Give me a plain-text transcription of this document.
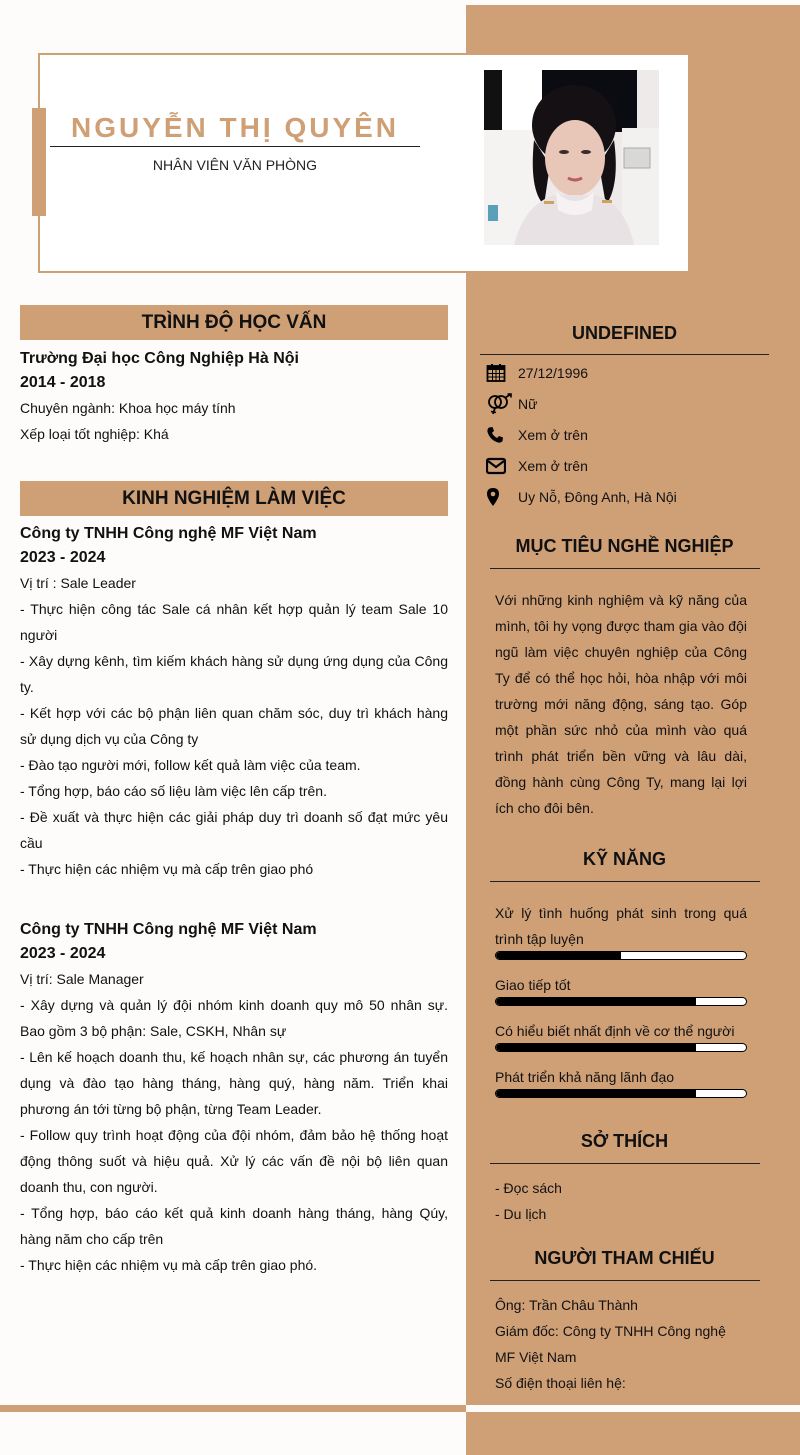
NGUYỄN THỊ QUYÊN
NHÂN VIÊN VĂN PHÒNG
TRÌNH ĐỘ HỌC VẤN
Trường Đại học Công Nghiệp Hà Nội
2014 - 2018
Chuyên ngành: Khoa học máy tính
Xếp loại tốt nghiệp: Khá
KINH NGHIỆM LÀM VIỆC
Công ty TNHH Công nghệ MF Việt Nam
2023 - 2024
Vị trí : Sale Leader
- Thực hiện công tác Sale cá nhân kết hợp quản lý team Sale 10 người
- Xây dựng kênh, tìm kiếm khách hàng sử dụng ứng dụng của Công ty.
- Kết hợp với các bộ phận liên quan chăm sóc, duy trì khách hàng sử dụng dịch vụ của Công ty
- Đào tạo người mới, follow kết quả làm việc của team.
- Tổng hợp, báo cáo số liệu làm việc lên cấp trên.
- Đề xuất và thực hiện các giải pháp duy trì doanh số đạt mức yêu cầu
- Thực hiện các nhiệm vụ mà cấp trên giao phó
Công ty TNHH Công nghệ MF Việt Nam
2023 - 2024
Vị trí: Sale Manager
- Xây dựng và quản lý đội nhóm kinh doanh quy mô 50 nhân sự. Bao gồm 3 bộ phận: Sale, CSKH, Nhân sự
- Lên kế hoạch doanh thu, kế hoạch nhân sự, các phương án tuyển dụng và đào tạo hàng tháng, hàng quý, hàng năm. Triển khai phương án tới từng bộ phận, từng Team Leader.
- Follow quy trình hoạt động của đội nhóm, đảm bảo hệ thống hoạt động thông suốt và hiệu quả. Xử lý các vấn đề nội bộ liên quan doanh thu, con người.
- Tổng hợp, báo cáo kết quả kinh doanh hàng tháng, hàng Qúy, hàng năm cho cấp trên
- Thực hiện các nhiệm vụ mà cấp trên giao phó.
UNDEFINED
27/12/1996
Nữ
Xem ở trên
Xem ở trên
Uy Nỗ, Đông Anh, Hà Nội
MỤC TIÊU NGHỀ NGHIỆP
Với những kinh nghiệm và kỹ năng của mình, tôi hy vọng được tham gia vào đội ngũ làm việc chuyên nghiệp của Công Ty để có thể học hỏi, hòa nhập với môi trường mới năng động, sáng tạo. Góp một phần sức nhỏ của mình vào quá trình phát triển bền vững và lâu dài, đồng hành cùng Công Ty, mang lại lợi ích cho đôi bên.
KỸ NĂNG
Xử lý tình huống phát sinh trong quá trình tập luyện
Giao tiếp tốt
Có hiểu biết nhất định về cơ thể người
Phát triển khả năng lãnh đạo
SỞ THÍCH
- Đọc sách
- Du lịch
NGƯỜI THAM CHIẾU
Ông: Trần Châu Thành
Giám đốc: Công ty TNHH Công nghệ MF Việt Nam
Số điện thoại liên hệ:
